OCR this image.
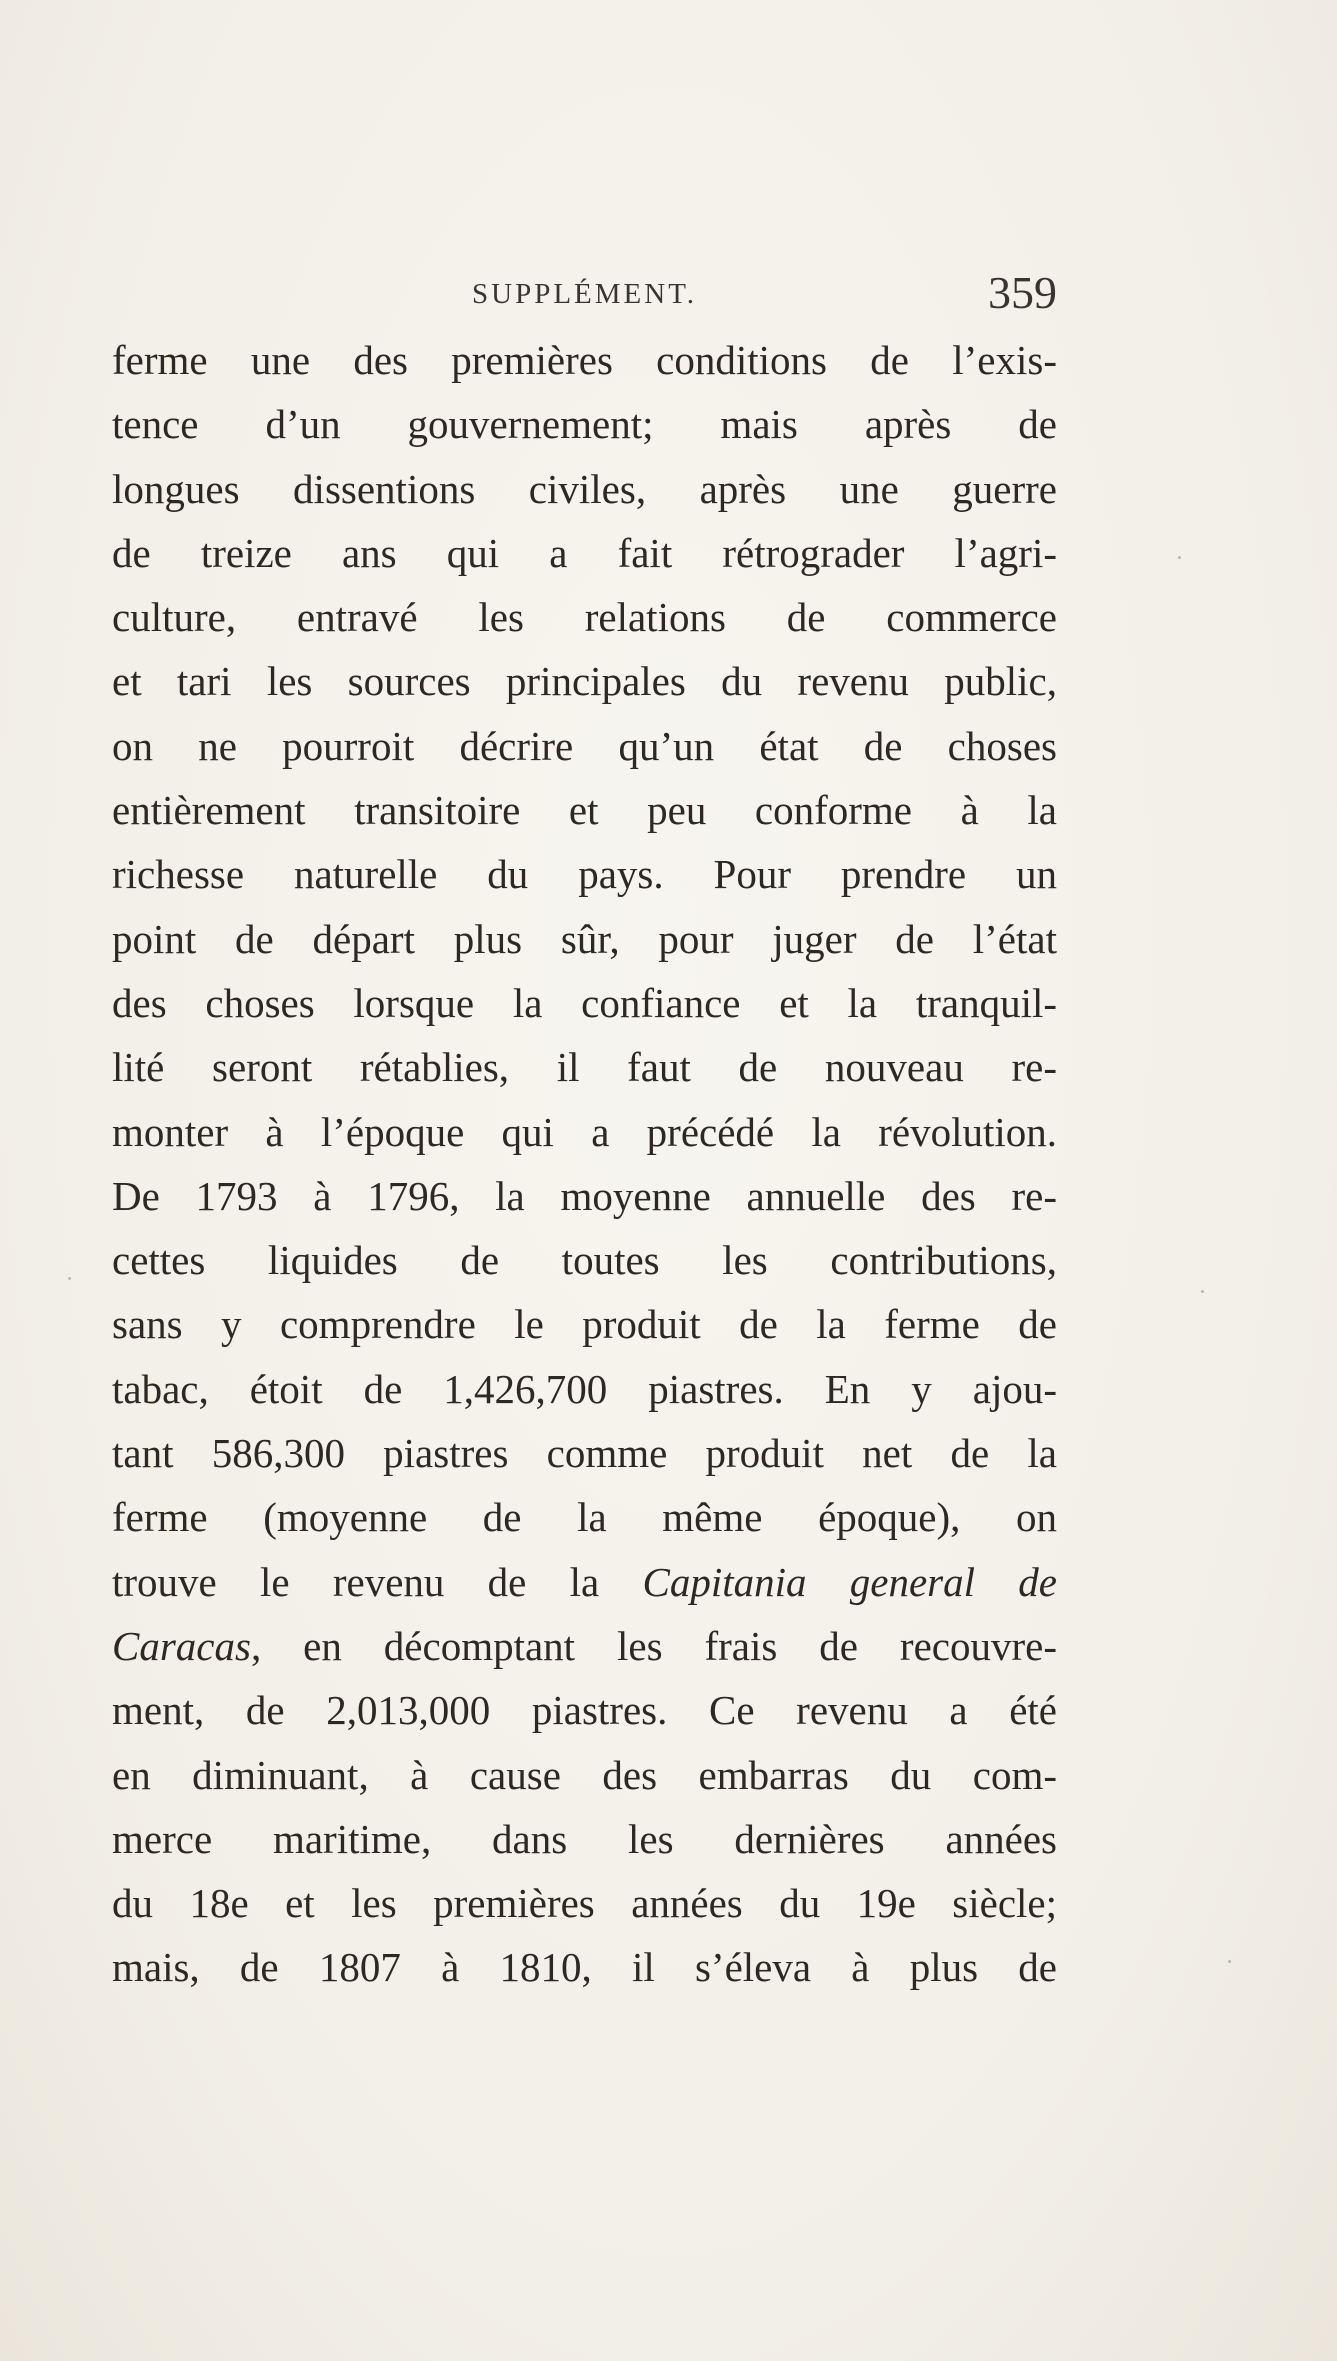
SUPPLÉMENT.	359
ferme une des premières conditions de l’exis-
tence d’un gouvernement; mais après de
longues dissentions civiles, après une guerre
de treize ans qui a fait rétrograder l’agri-
culture, entravé les relations de commerce
et tari les sources principales du revenu public,
on ne pourroit décrire qu’un état de choses
entièrement transitoire et peu conforme à la
richesse naturelle du pays. Pour prendre un
point de départ plus sûr, pour juger de l’état
des choses lorsque la confiance et la tranquil-
lité seront rétablies, il faut de nouveau re-
monter à l’époque qui a précédé la révolution.
De 1793 à 1796, la moyenne annuelle des re-
cettes liquides de toutes les contributions,
sans y comprendre le produit de la ferme de
tabac, étoit de 1,426,700 piastres. En y ajou-
tant 586,300 piastres comme produit net de la
ferme (moyenne de la même époque), on
trouve le revenu de la Capitania general de
Caracas, en décomptant les frais de recouvre-
ment, de 2,013,000 piastres. Ce revenu a été
en diminuant, à cause des embarras du com-
merce maritime, dans les dernières années
du 18e et les premières années du 19e siècle;
mais, de 1807 à 1810, il s’éleva à plus de
